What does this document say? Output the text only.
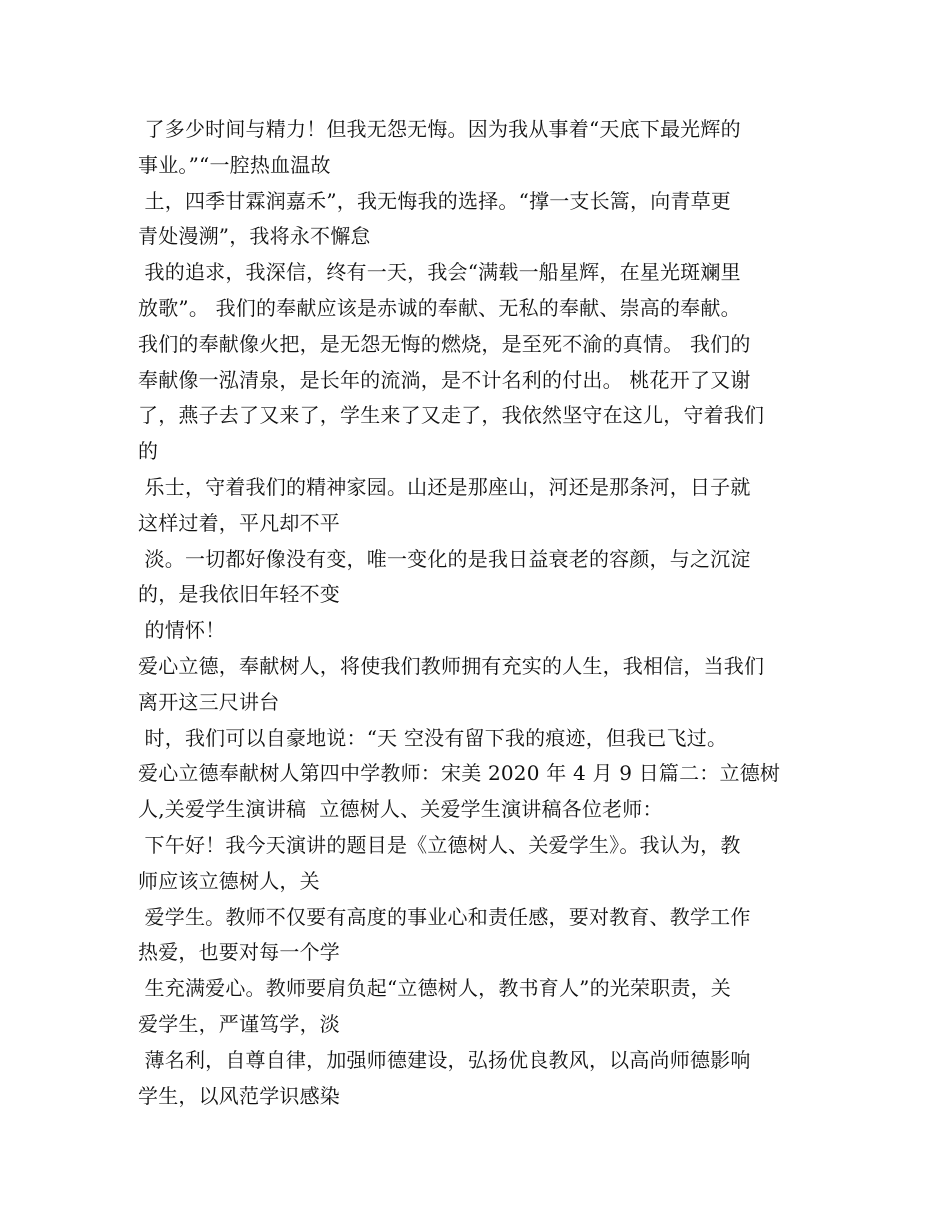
了多少时间与精力！但我无怨无悔。因为我从事着“天底下最光辉的
事业。”“一腔热血温故
土，四季甘霖润嘉禾”，我无悔我的选择。“撑一支长篙，向青草更
青处漫溯”，我将永不懈怠
我的追求，我深信，终有一天，我会“满载一船星辉，在星光斑斓里
放歌”。 我们的奉献应该是赤诚的奉献、无私的奉献、崇高的奉献。
我们的奉献像火把，是无怨无悔的燃烧，是至死不渝的真情。 我们的
奉献像一泓清泉，是长年的流淌，是不计名利的付出。 桃花开了又谢
了，燕子去了又来了，学生来了又走了，我依然坚守在这儿，守着我们
的
乐士，守着我们的精神家园。山还是那座山，河还是那条河，日子就
这样过着，平凡却不平
淡。一切都好像没有变，唯一变化的是我日益衰老的容颜，与之沉淀
的，是我依旧年轻不变
的情怀！
爱心立德，奉献树人，将使我们教师拥有充实的人生，我相信，当我们
离开这三尺讲台
时，我们可以自豪地说：“天 空没有留下我的痕迹，但我已飞过。
爱心立德奉献树人第四中学教师：宋美 2020 年 4 月 9 日篇二：立德树
人,关爱学生演讲稿  立德树人、关爱学生演讲稿各位老师：
下午好！我今天演讲的题目是《立德树人、关爱学生》。我认为，教
师应该立德树人，关
爱学生。教师不仅要有高度的事业心和责任感，要对教育、教学工作
热爱，也要对每一个学
生充满爱心。教师要肩负起“立德树人，教书育人”的光荣职责，关
爱学生，严谨笃学，淡
薄名利，自尊自律，加强师德建设，弘扬优良教风，以高尚师德影响
学生，以风范学识感染
